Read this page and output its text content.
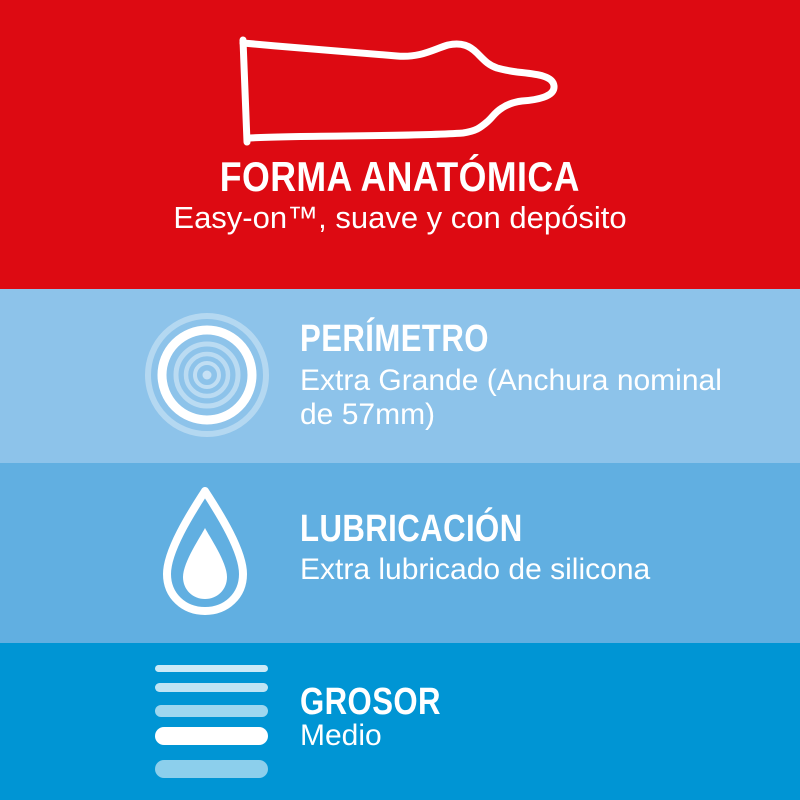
FORMA ANATÓMICA
Easy-on™, suave y con depósito
PERÍMETRO
Extra Grande (Anchura nominal de 57mm)
LUBRICACIÓN
Extra lubricado de silicona
GROSOR
Medio
